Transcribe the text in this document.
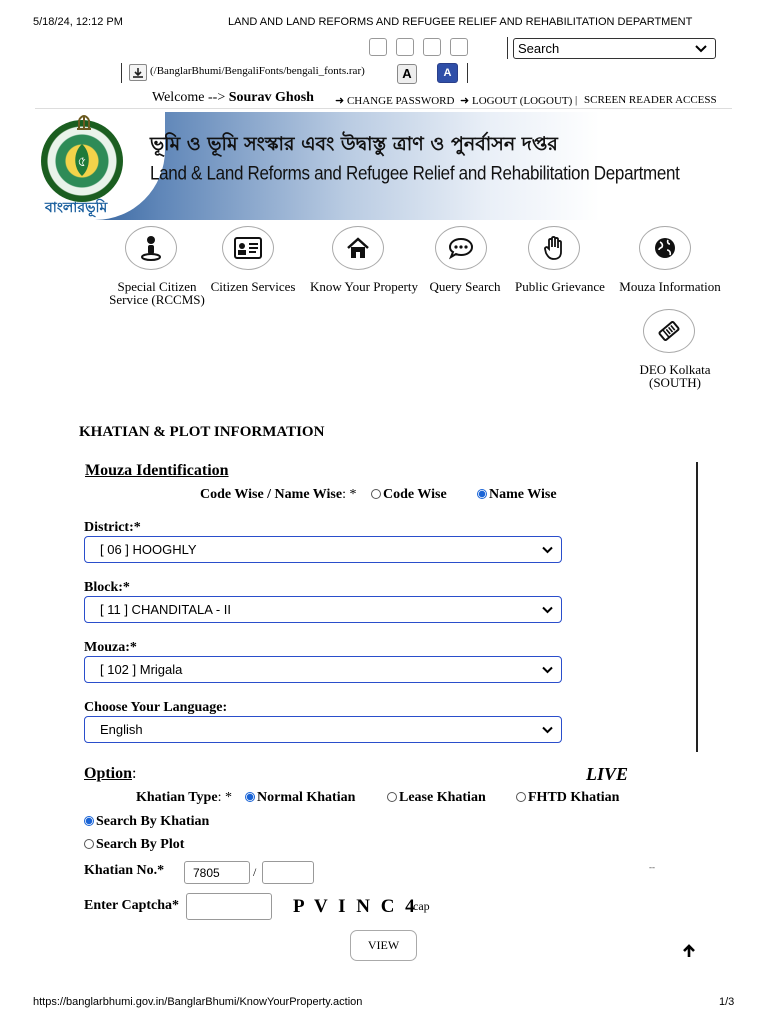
5/18/24, 12:12 PM	LAND AND LAND REFORMS AND REFUGEE RELIEF AND REHABILITATION DEPARTMENT
Search
(/BanglarBhumi/BengaliFonts/bengali_fonts.rar)	A	A
Welcome --> Sourav Ghosh ➜ CHANGE PASSWORD ➜ LOGOUT (LOGOUT) | SCREEN READER ACCESS
৫
বাংলারভূমি
ভূমি ও ভূমি সংস্কার এবং উদ্বাস্তু ত্রাণ ও পুনর্বাসন দপ্তর
Land & Land Reforms and Refugee Relief and Rehabilitation Department
Special Citizen Service (RCCMS)
Citizen Services	Know Your Property Query Search	Public Grievance	Mouza Information
DEO Kolkata (SOUTH)
KHATIAN & PLOT INFORMATION
Mouza Identification
Code Wise / Name Wise: *	Code Wise	Name Wise
District:*
[ 06 ] HOOGHLY
Block:*
[ 11 ] CHANDITALA - II
Mouza:*
[ 102 ] Mrigala
Choose Your Language:
English
Option:	LIVE
Khatian Type: *	Normal Khatian	Lease Khatian	FHTD Khatian
Search By Khatian
Search By Plot
Khatian No.* 7805	/	--
Enter Captcha*	P V I N C 4
cap
VIEW
https://banglarbhumi.gov.in/BanglarBhumi/KnowYourProperty.action	1/3
